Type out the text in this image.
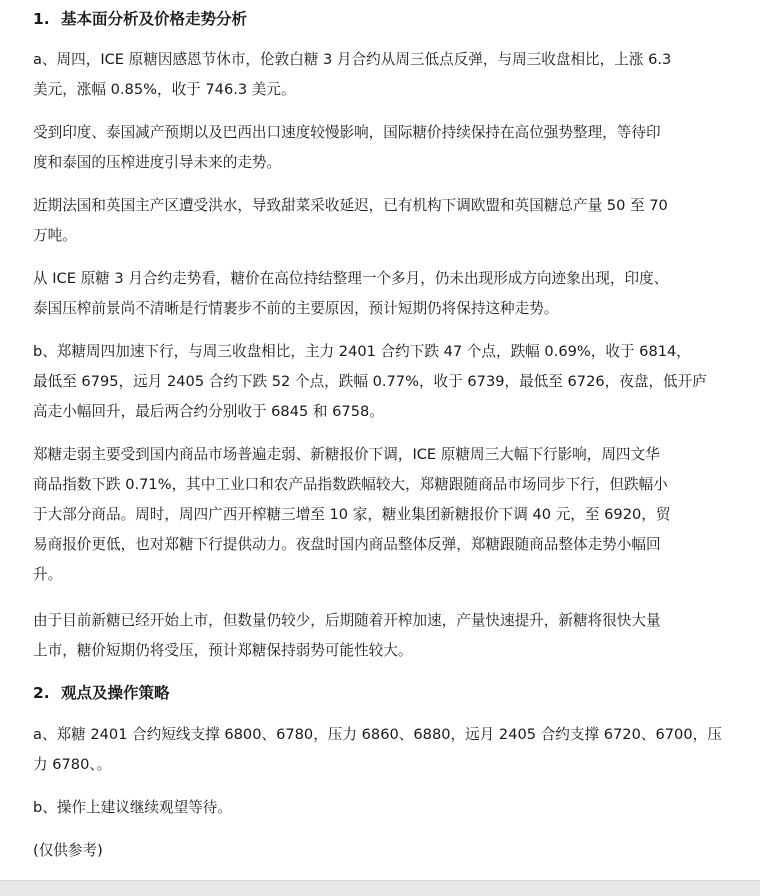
1. 基本面分析及价格走势分析
a、周四，ICE 原糖因感恩节休市，伦敦白糖 3 月合约从周三低点反弹，与周三收盘相比，上涨 6.3
美元，涨幅 0.85%，收于 746.3 美元。
受到印度、泰国减产预期以及巴西出口速度较慢影响，国际糖价持续保持在高位强势整理，等待印
度和泰国的压榨进度引导未来的走势。
近期法国和英国主产区遭受洪水，导致甜菜采收延迟，已有机构下调欧盟和英国糖总产量 50 至 70
万吨。
从 ICE 原糖 3 月合约走势看，糖价在高位持结整理一个多月，仍未出现形成方向迹象出现，印度、
泰国压榨前景尚不清晰是行情裹步不前的主要原因，预计短期仍将保持这种走势。
b、郑糖周四加速下行，与周三收盘相比，主力 2401 合约下跌 47 个点，跌幅 0.69%，收于 6814，
最低至 6795，远月 2405 合约下跌 52 个点，跌幅 0.77%，收于 6739，最低至 6726，夜盘，低开庐
高走小幅回升，最后两合约分别收于 6845 和 6758。
郑糖走弱主要受到国内商品市场普遍走弱、新糖报价下调，ICE 原糖周三大幅下行影响，周四文华
商品指数下跌 0.71%，其中工业口和农产品指数跌幅较大，郑糖跟随商品市场同步下行，但跌幅小
于大部分商品。周时，周四广西开榨糖三增至 10 家，糖业集团新糖报价下调 40 元，至 6920，贸
易商报价更低，也对郑糖下行提供动力。夜盘时国内商品整体反弹，郑糖跟随商品整体走势小幅回
升。
由于目前新糖已经开始上市，但数量仍较少，后期随着开榨加速，产量快速提升，新糖将很快大量
上市，糖价短期仍将受压，预计郑糖保持弱势可能性较大。
2. 观点及操作策略
a、郑糖 2401 合约短线支撑 6800、6780，压力 6860、6880，远月 2405 合约支撑 6720、6700，压
力 6780、。
b、操作上建议继续观望等待。
(仅供参考)
